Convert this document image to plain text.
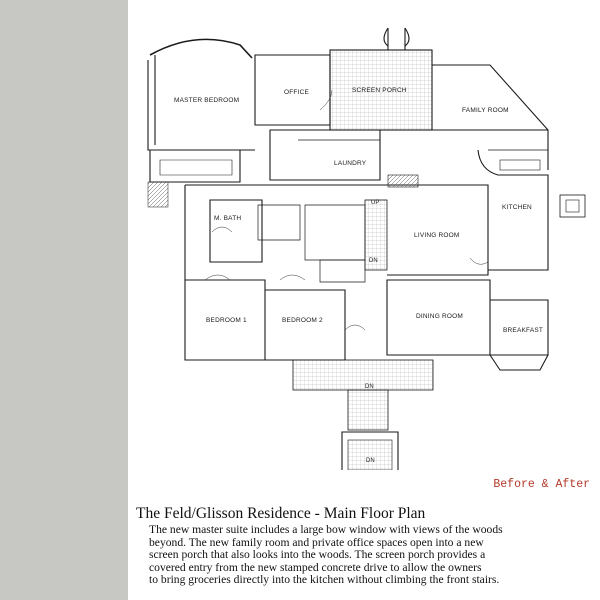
MASTER BEDROOM
OFFICE	SCREEN PORCH
FAMILY ROOM
LAUNDRY
KITCHEN
M. BATH
LIVING ROOM
BEDROOM 1	BEDROOM 2
DINING ROOM
BREAKFAST
UP
DN
DN
DN
Before & After
The Feld/Glisson Residence - Main Floor Plan

The new master suite includes a large bow window with views of the woods
beyond. The new family room and private office spaces open into a new
screen porch that also looks into the woods. The screen porch provides a
covered entry from the new stamped concrete drive to allow the owners
to bring groceries directly into the kitchen without climbing the front stairs.
